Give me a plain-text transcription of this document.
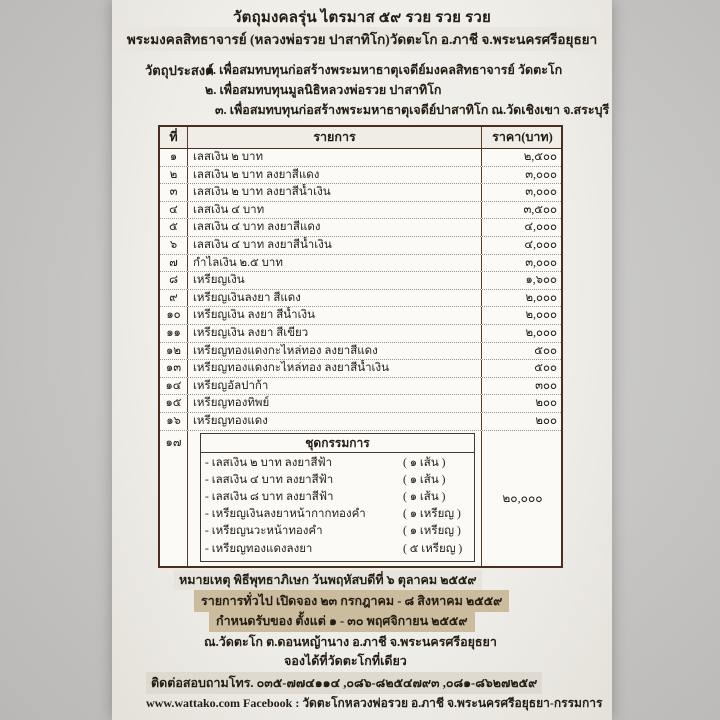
วัตถุมงคลรุ่น ไตรมาส ๕๙ รวย รวย รวย
พระมงคลสิทธาจารย์ (หลวงพ่อรวย ปาสาทิโก)วัดตะโก อ.ภาชี จ.พระนครศรีอยุธยา
วัตถุประสงค์
๑. เพื่อสมทบทุนก่อสร้างพระมหาธาตุเจดีย์มงคลสิทธาจารย์ วัดตะโก
๒. เพื่อสมทบทุนมูลนิธิหลวงพ่อรวย ปาสาทิโก
๓. เพื่อสมทบทุนก่อสร้างพระมหาธาตุเจดีย์ปาสาทิโก ณ.วัดเชิงเขา จ.สระบุรี
ที่	รายการ	ราคา(บาท)
๑	เลสเงิน ๒ บาท	๒,๕๐๐
๒	เลสเงิน ๒ บาท ลงยาสีแดง	๓,๐๐๐
๓	เลสเงิน ๒ บาท ลงยาสีน้ำเงิน	๓,๐๐๐
๔	เลสเงิน ๔ บาท	๓,๕๐๐
๕	เลสเงิน ๔ บาท ลงยาสีแดง	๔,๐๐๐
๖	เลสเงิน ๔ บาท ลงยาสีน้ำเงิน	๔,๐๐๐
๗	กำไลเงิน ๒.๕ บาท	๓,๐๐๐
๘	เหรียญเงิน	๑,๖๐๐
๙	เหรียญเงินลงยา สีแดง	๒,๐๐๐
๑๐	เหรียญเงิน ลงยา สีน้ำเงิน	๒,๐๐๐
๑๑	เหรียญเงิน ลงยา สีเขียว	๒,๐๐๐
๑๒	เหรียญทองแดงกะไหล่ทอง ลงยาสีแดง	๕๐๐
๑๓	เหรียญทองแดงกะไหล่ทอง ลงยาสีน้ำเงิน	๕๐๐
๑๔	เหรียญอัลปาก้า	๓๐๐
๑๕	เหรียญทองทิพย์	๒๐๐
๑๖	เหรียญทองแดง	๒๐๐
๑๗	ชุดกรรมการ
- เลสเงิน ๒ บาท ลงยาสีฟ้า	( ๑ เส้น )
- เลสเงิน ๔ บาท ลงยาสีฟ้า	( ๑ เส้น )
- เลสเงิน ๘ บาท ลงยาสีฟ้า	( ๑ เส้น )
- เหรียญเงินลงยาหน้ากากทองคำ	( ๑ เหรียญ )
- เหรียญนวะหน้าทองคำ	( ๑ เหรียญ )
- เหรียญทองแดงลงยา	( ๕ เหรียญ )
๒๐,๐๐๐
หมายเหตุ พิธีพุทธาภิเษก วันพฤหัสบดีที่ ๖ ตุลาคม ๒๕๕๙
รายการทั่วไป เปิดจอง ๒๓ กรกฎาคม - ๘ สิงหาคม ๒๕๕๙
กำหนดรับของ ตั้งแต่ ๑ - ๓๐ พฤศจิกายน ๒๕๕๙
ณ.วัดตะโก ต.ดอนหญ้านาง อ.ภาชี จ.พระนครศรีอยุธยา
จองได้ที่วัดตะโกที่เดียว
ติดต่อสอบถามโทร. ๐๓๕-๗๗๔๑๑๔ ,๐๘๖-๘๒๕๔๗๙๓ ,๐๘๑-๘๖๒๗๒๕๙
www.wattako.com Facebook : วัดตะโกหลวงพ่อรวย อ.ภาชี จ.พระนครศรีอยุธยา-กรรมการ
